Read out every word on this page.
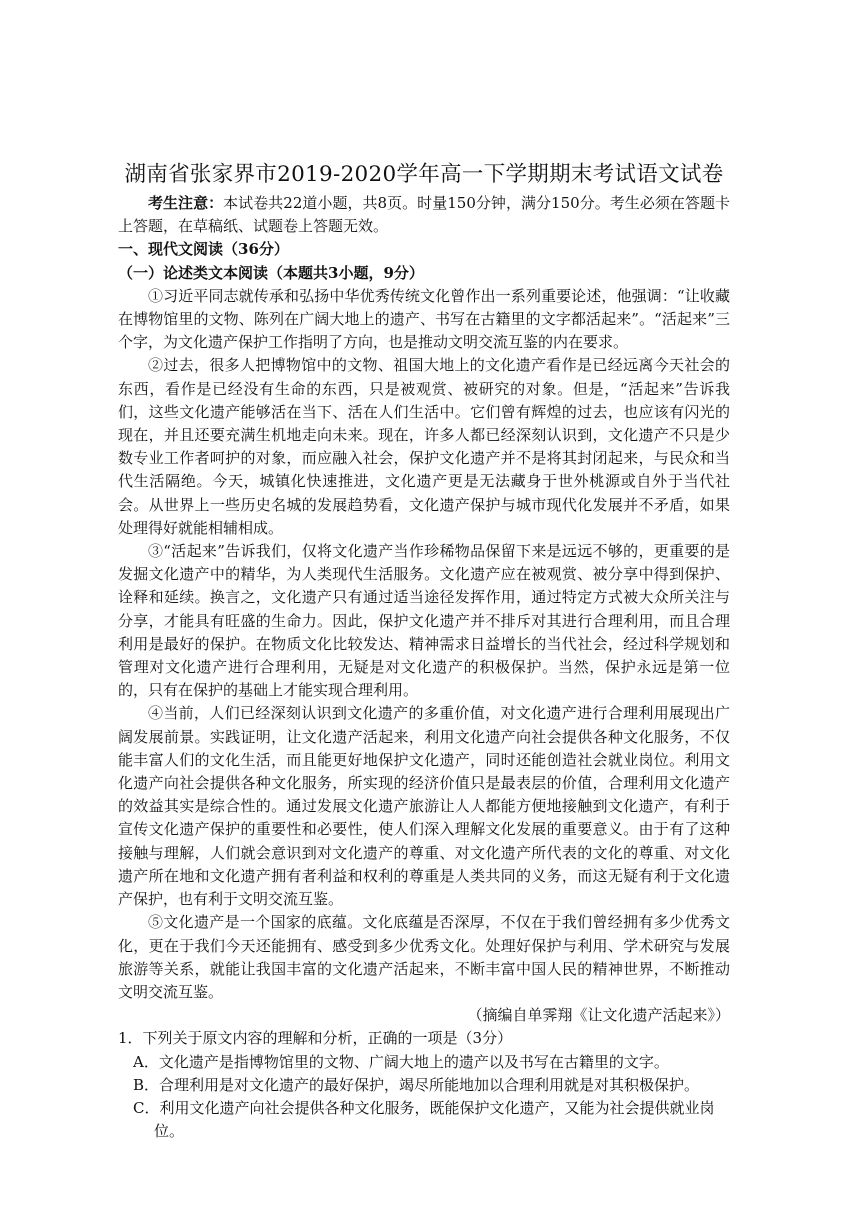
湖南省张家界市2019-2020学年高一下学期期末考试语文试卷

考生注意：本试卷共22道小题，共8页。时量150分钟，满分150分。考生必须在答题卡上答题，在草稿纸、试题卷上答题无效。

一、现代文阅读（36分）

（一）论述类文本阅读（本题共3小题，9分）

①习近平同志就传承和弘扬中华优秀传统文化曾作出一系列重要论述，他强调：“让收藏在博物馆里的文物、陈列在广阔大地上的遗产、书写在古籍里的文字都活起来”。“活起来”三个字，为文化遗产保护工作指明了方向，也是推动文明交流互鉴的内在要求。

②过去，很多人把博物馆中的文物、祖国大地上的文化遗产看作是已经远离今天社会的东西，看作是已经没有生命的东西，只是被观赏、被研究的对象。但是，“活起来”告诉我们，这些文化遗产能够活在当下、活在人们生活中。它们曾有辉煌的过去，也应该有闪光的现在，并且还要充满生机地走向未来。现在，许多人都已经深刻认识到，文化遗产不只是少数专业工作者呵护的对象，而应融入社会，保护文化遗产并不是将其封闭起来，与民众和当代生活隔绝。今天，城镇化快速推进，文化遗产更是无法藏身于世外桃源或自外于当代社会。从世界上一些历史名城的发展趋势看，文化遗产保护与城市现代化发展并不矛盾，如果处理得好就能相辅相成。

③“活起来”告诉我们，仅将文化遗产当作珍稀物品保留下来是远远不够的，更重要的是发掘文化遗产中的精华，为人类现代生活服务。文化遗产应在被观赏、被分享中得到保护、诠释和延续。换言之，文化遗产只有通过适当途径发挥作用，通过特定方式被大众所关注与分享，才能具有旺盛的生命力。因此，保护文化遗产并不排斥对其进行合理利用，而且合理利用是最好的保护。在物质文化比较发达、精神需求日益增长的当代社会，经过科学规划和管理对文化遗产进行合理利用，无疑是对文化遗产的积极保护。当然，保护永远是第一位的，只有在保护的基础上才能实现合理利用。

④当前，人们已经深刻认识到文化遗产的多重价值，对文化遗产进行合理利用展现出广阔发展前景。实践证明，让文化遗产活起来，利用文化遗产向社会提供各种文化服务，不仅能丰富人们的文化生活，而且能更好地保护文化遗产，同时还能创造社会就业岗位。利用文化遗产向社会提供各种文化服务，所实现的经济价值只是最表层的价值，合理利用文化遗产的效益其实是综合性的。通过发展文化遗产旅游让人人都能方便地接触到文化遗产，有利于宣传文化遗产保护的重要性和必要性，使人们深入理解文化发展的重要意义。由于有了这种接触与理解，人们就会意识到对文化遗产的尊重、对文化遗产所代表的文化的尊重、对文化遗产所在地和文化遗产拥有者利益和权利的尊重是人类共同的义务，而这无疑有利于文化遗产保护，也有利于文明交流互鉴。

⑤文化遗产是一个国家的底蕴。文化底蕴是否深厚，不仅在于我们曾经拥有多少优秀文化，更在于我们今天还能拥有、感受到多少优秀文化。处理好保护与利用、学术研究与发展旅游等关系，就能让我国丰富的文化遗产活起来，不断丰富中国人民的精神世界，不断推动文明交流互鉴。

（摘编自单霁翔《让文化遗产活起来》）

1．下列关于原文内容的理解和分析，正确的一项是（3分）

A．文化遗产是指博物馆里的文物、广阔大地上的遗产以及书写在古籍里的文字。

B．合理利用是对文化遗产的最好保护，竭尽所能地加以合理利用就是对其积极保护。

C．利用文化遗产向社会提供各种文化服务，既能保护文化遗产，又能为社会提供就业岗位。
